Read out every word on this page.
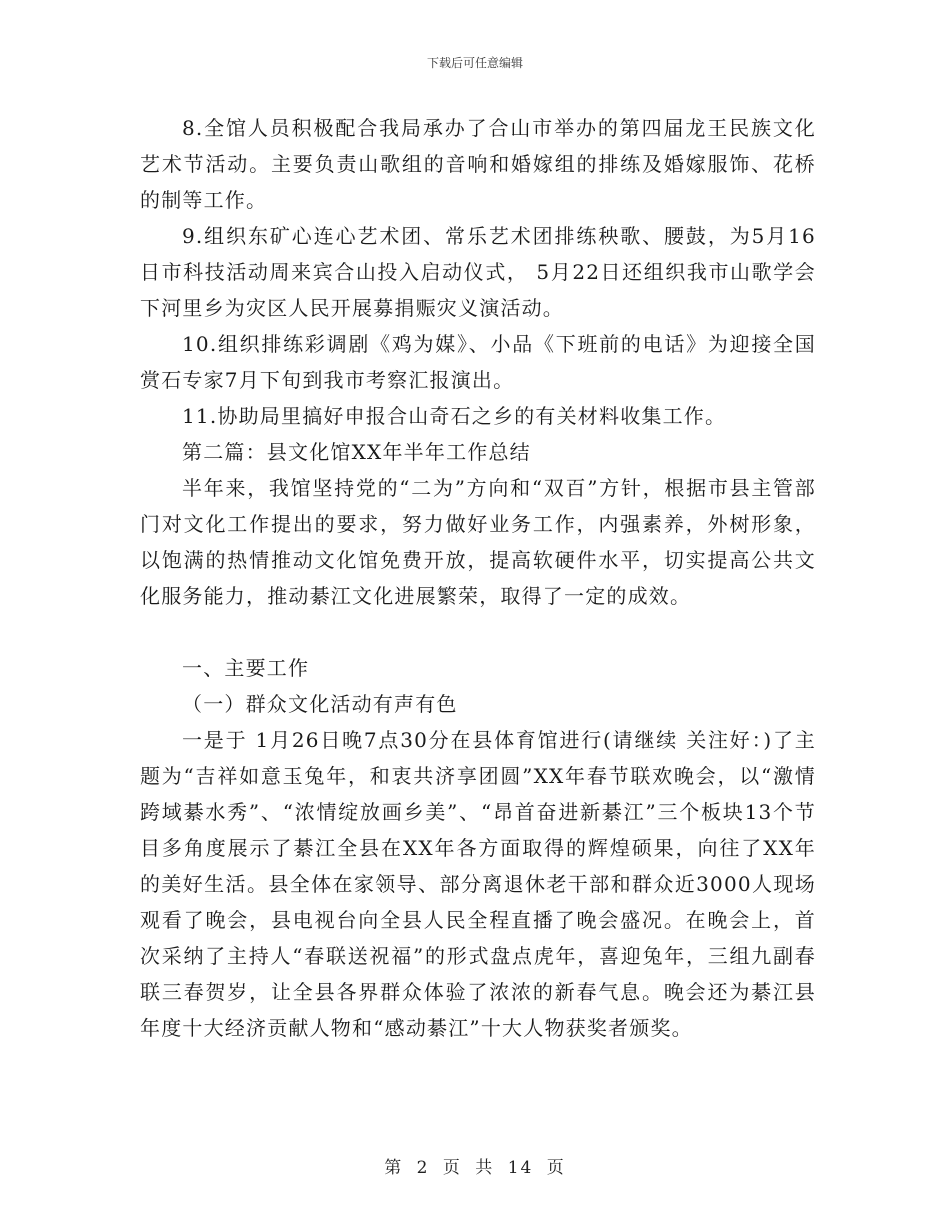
下载后可任意编辑

8.全馆人员积极配合我局承办了合山市举办的第四届龙王民族文化艺术节活动。主要负责山歌组的音响和婚嫁组的排练及婚嫁服饰、花桥的制等工作。

9.组织东矿心连心艺术团、常乐艺术团排练秧歌、腰鼓，为5月16日市科技活动周来宾合山投入启动仪式， 5月22日还组织我市山歌学会下河里乡为灾区人民开展募捐赈灾义演活动。

10.组织排练彩调剧《鸡为媒》、小品《下班前的电话》为迎接全国赏石专家7月下旬到我市考察汇报演出。

11.协助局里搞好申报合山奇石之乡的有关材料收集工作。

第二篇：县文化馆XX年半年工作总结

半年来，我馆坚持党的“二为”方向和“双百”方针，根据市县主管部门对文化工作提出的要求，努力做好业务工作，内强素养，外树形象，以饱满的热情推动文化馆免费开放，提高软硬件水平，切实提高公共文化服务能力，推动綦江文化进展繁荣，取得了一定的成效。

一、主要工作

（一）群众文化活动有声有色

一是于 1月26日晚7点30分在县体育馆进行(请继续 关注好：)了主题为“吉祥如意玉兔年，和衷共济享团圆”XX年春节联欢晚会，以“激情跨域綦水秀”、“浓情绽放画乡美”、“昂首奋进新綦江”三个板块13个节目多角度展示了綦江全县在XX年各方面取得的辉煌硕果，向往了XX年的美好生活。县全体在家领导、部分离退休老干部和群众近3000人现场观看了晚会，县电视台向全县人民全程直播了晚会盛况。在晚会上，首次采纳了主持人“春联送祝福”的形式盘点虎年，喜迎兔年，三组九副春联三春贺岁，让全县各界群众体验了浓浓的新春气息。晚会还为綦江县年度十大经济贡献人物和“感动綦江”十大人物获奖者颁奖。

第 2 页 共 14 页
